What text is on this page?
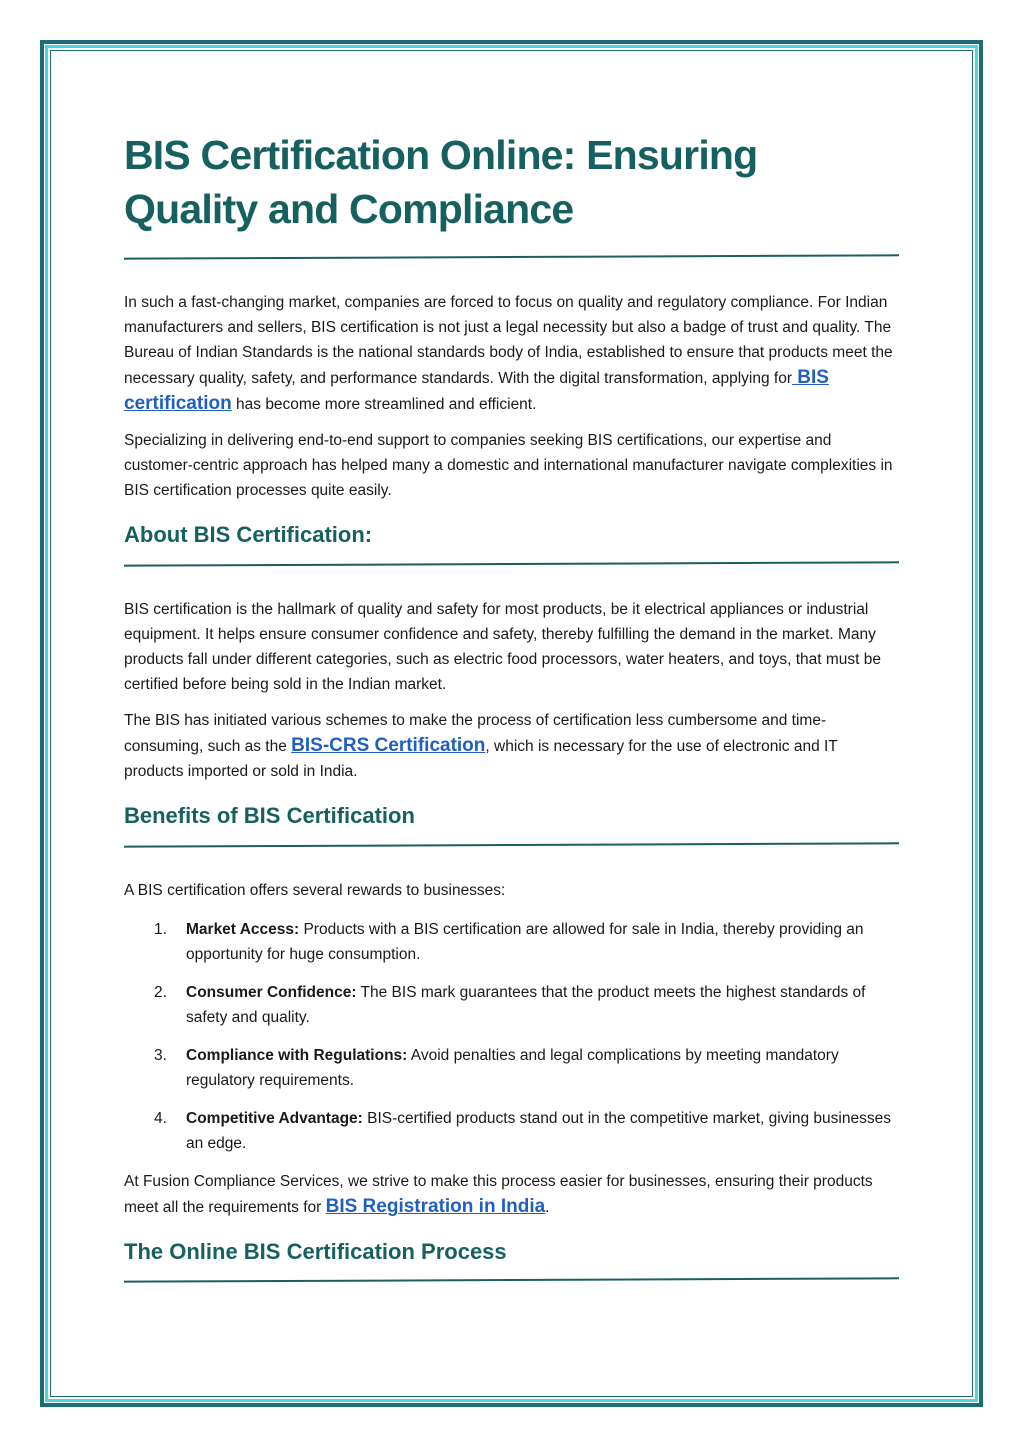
BIS Certification Online: Ensuring Quality and Compliance

In such a fast-changing market, companies are forced to focus on quality and regulatory compliance. For Indian manufacturers and sellers, BIS certification is not just a legal necessity but also a badge of trust and quality. The Bureau of Indian Standards is the national standards body of India, established to ensure that products meet the necessary quality, safety, and performance standards. With the digital transformation, applying for BIS certification has become more streamlined and efficient.

Specializing in delivering end-to-end support to companies seeking BIS certifications, our expertise and customer-centric approach has helped many a domestic and international manufacturer navigate complexities in BIS certification processes quite easily.

About BIS Certification:

BIS certification is the hallmark of quality and safety for most products, be it electrical appliances or industrial equipment. It helps ensure consumer confidence and safety, thereby fulfilling the demand in the market. Many products fall under different categories, such as electric food processors, water heaters, and toys, that must be certified before being sold in the Indian market.

The BIS has initiated various schemes to make the process of certification less cumbersome and time-consuming, such as the BIS-CRS Certification, which is necessary for the use of electronic and IT products imported or sold in India.

Benefits of BIS Certification

A BIS certification offers several rewards to businesses:

1. Market Access: Products with a BIS certification are allowed for sale in India, thereby providing an opportunity for huge consumption.
2. Consumer Confidence: The BIS mark guarantees that the product meets the highest standards of safety and quality.
3. Compliance with Regulations: Avoid penalties and legal complications by meeting mandatory regulatory requirements.
4. Competitive Advantage: BIS-certified products stand out in the competitive market, giving businesses an edge.

At Fusion Compliance Services, we strive to make this process easier for businesses, ensuring their products meet all the requirements for BIS Registration in India.

The Online BIS Certification Process
